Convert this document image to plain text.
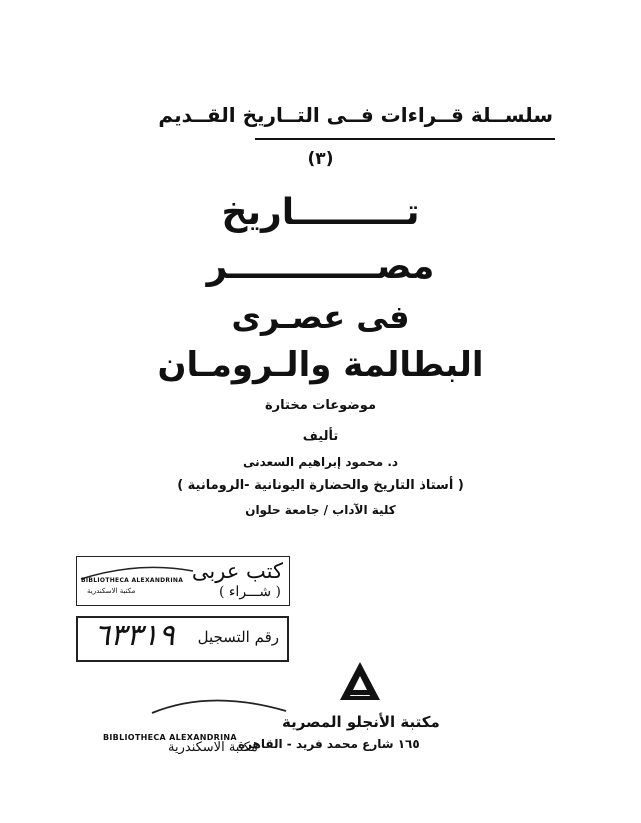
سلســلة قــراءات فــى التــاريخ القــديم
(٣)
تـــــــــاريخ
مصــــــــــــر
فى عصـرى
البطالمة والـرومـان
موضوعات مختارة
تأليف
د. محمود إبراهيم السعدنى
( أستاذ التاريخ والحضارة اليونانية -الرومانية )
كلية الآداب / جامعة حلوان
BIBLIOTHECA ALEXANDRINA
مكتبة الاسكندرية
كتب عربى
( شـــراء )
رقم التسجيل
٦٣٣١٩
مكتبة الأنجلو المصرية
١٦٥ شارع محمد فريد - القاهرة
BIBLIOTHECA ALEXANDRINA
مكتبة الاسكندرية
